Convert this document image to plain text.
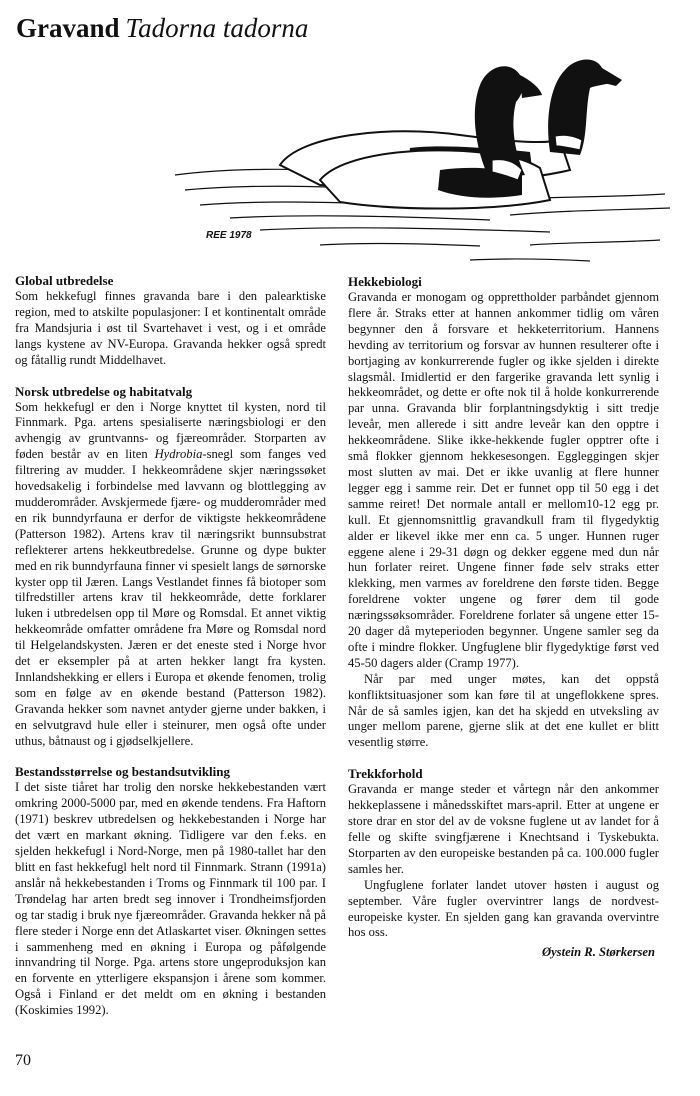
Gravand Tadorna tadorna
REE 1978
Global utbredelse

Som hekkefugl finnes gravanda bare i den palearktiske region, med to atskilte populasjoner: I et kontinentalt område fra Mandsjuria i øst til Svartehavet i vest, og i et område langs kystene av NV-Europa. Gravanda hekker også spredt og fåtallig rundt Middelhavet.

Norsk utbredelse og habitatvalg

Som hekkefugl er den i Norge knyttet til kysten, nord til Finnmark. Pga. artens spesialiserte næringsbiologi er den avhengig av gruntvanns- og fjæreområder. Storparten av føden består av en liten Hydrobia-snegl som fanges ved filtrering av mudder. I hekkeområdene skjer næringssøket hovedsakelig i forbindelse med lavvann og blottlegging av mudderområder. Avskjermede fjære- og mudderområder med en rik bunndyrfauna er derfor de viktigste hekkeområdene (Patterson 1982). Artens krav til næringsrikt bunnsubstrat reflekterer artens hekkeutbredelse. Grunne og dype bukter med en rik bunndyrfauna finner vi spesielt langs de sørnorske kyster opp til Jæren. Langs Vestlandet finnes få biotoper som tilfredstiller artens krav til hekkeområde, dette forklarer luken i utbredelsen opp til Møre og Romsdal. Et annet viktig hekkeområde omfatter områdene fra Møre og Romsdal nord til Helgelandskysten. Jæren er det eneste sted i Norge hvor det er eksempler på at arten hekker langt fra kysten. Innlandshekking er ellers i Europa et økende fenomen, trolig som en følge av en økende bestand (Patterson 1982). Gravanda hekker som navnet antyder gjerne under bakken, i en selvutgravd hule eller i steinurer, men også ofte under uthus, båtnaust og i gjødselkjellere.

Bestandsstørrelse og bestandsutvikling

I det siste tiåret har trolig den norske hekkebestanden vært omkring 2000-5000 par, med en økende tendens. Fra Haftorn (1971) beskrev utbredelsen og hekkebestanden i Norge har det vært en markant økning. Tidligere var den f.eks. en sjelden hekkefugl i Nord-Norge, men på 1980-tallet har den blitt en fast hekkefugl helt nord til Finnmark. Strann (1991a) anslår nå hekkebestanden i Troms og Finnmark til 100 par. I Trøndelag har arten bredt seg innover i Trondheimsfjorden og tar stadig i bruk nye fjæreområder. Gravanda hekker nå på flere steder i Norge enn det Atlaskartet viser. Økningen settes i sammenheng med en økning i Europa og påfølgende innvandring til Norge. Pga. artens store ungeproduksjon kan en forvente en ytterligere ekspansjon i årene som kommer. Også i Finland er det meldt om en økning i bestanden (Koskimies 1992).

Hekkebiologi

Gravanda er monogam og opprettholder parbåndet gjennom flere år. Straks etter at hannen ankommer tidlig om våren begynner den å forsvare et hekketerritorium. Hannens hevding av territorium og forsvar av hunnen resulterer ofte i bortjaging av konkurrerende fugler og ikke sjelden i direkte slagsmål. Imidlertid er den fargerike gravanda lett synlig i hekkeområdet, og dette er ofte nok til å holde konkurrerende par unna. Gravanda blir forplantningsdyktig i sitt tredje leveår, men allerede i sitt andre leveår kan den opptre i hekkeområdene. Slike ikke-hekkende fugler opptrer ofte i små flokker gjennom hekkesesongen. Eggleggingen skjer most slutten av mai. Det er ikke uvanlig at flere hunner legger egg i samme reir. Det er funnet opp til 50 egg i det samme reiret! Det normale antall er mellom10-12 egg pr. kull. Et gjennomsnittlig gravandkull fram til flygedyktig alder er likevel ikke mer enn ca. 5 unger. Hunnen ruger eggene alene i 29-31 døgn og dekker eggene med dun når hun forlater reiret. Ungene finner føde selv straks etter klekking, men varmes av foreldrene den første tiden. Begge foreldrene vokter ungene og fører dem til gode næringssøksområder. Foreldrene forlater så ungene etter 15-20 dager då myteperioden begynner. Ungene samler seg da ofte i mindre flokker. Ungfuglene blir flygedyktige først ved 45-50 dagers alder (Cramp 1977).

Når par med unger møtes, kan det oppstå konfliktsituasjoner som kan føre til at ungeflokkene spres. Når de så samles igjen, kan det ha skjedd en utveksling av unger mellom parene, gjerne slik at det ene kullet er blitt vesentlig større.

Trekkforhold

Gravanda er mange steder et vårtegn når den ankommer hekkeplassene i månedsskiftet mars-april. Etter at ungene er store drar en stor del av de voksne fuglene ut av landet for å felle og skifte svingfjærene i Knechtsand i Tyskebukta. Storparten av den europeiske bestanden på ca. 100.000 fugler samles her.

Ungfuglene forlater landet utover høsten i august og september. Våre fugler overvintrer langs de nordvest-europeiske kyster. En sjelden gang kan gravanda overvintre hos oss.

Øystein R. Størkersen
70
